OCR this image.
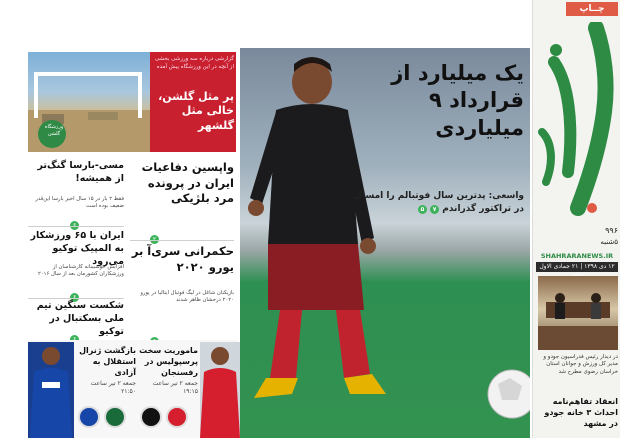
چــاپ
۹۹۶
۵شنبه
SHAHRARANEWS.IR
۱۲ دی ۱۳۹۸ | ۲۱ جمادی الاول
در دیدار رئیس فدراسیون جودو و مدیر کل ورزش و جوانان استان خراسان رضوی مطرح شد
انعقاد تفاهم‌نامه احداث ۳ خانه جودو در مشهد
یک میلیارد از قرارداد ۹ میلیاردی
واسعی: پدترین سال فوتبالم را امسال در تراکتور گذراندم ۷ ۵
ورزشگاه گلشن
گزارشی درباره سه ورزشی بخشی از آنچه در این ورزشگاه پیش آمده
پر مثل گلشن، خالی مثل گلشهر
واپسین دفاعیات ایران در پرونده مرد بلژیکی
حکمرانی سری‌آ بر یورو ۲۰۲۰
بازیکنان شاغل در لیگ فوتبال ایتالیا در یورو ۲۰۲۰ درخشان ظاهر شدند
مسی-بارسا گنگ‌تر از همیشه!
فقط ۲ بار در ۱۵ سال اخیر بارسا این‌قدر ضعیف بوده است
ایران با ۶۵ ورزشکار به المپیک توکیو می‌رود
افزایش خوشبینانه کارشناسان از ورزشکاران کشورمان بعد از سال ۲۰۱۶
شکست سنگین تیم ملی بسکتبال در توکیو
بازگشت ژنرال استقلال به آزادی
جمعه ۲ تیر ساعت ۲۱:۵۰
ماموریت سخت پرسپولیس در رفسنجان
جمعه ۲ تیر ساعت ۱۹:۱۵
